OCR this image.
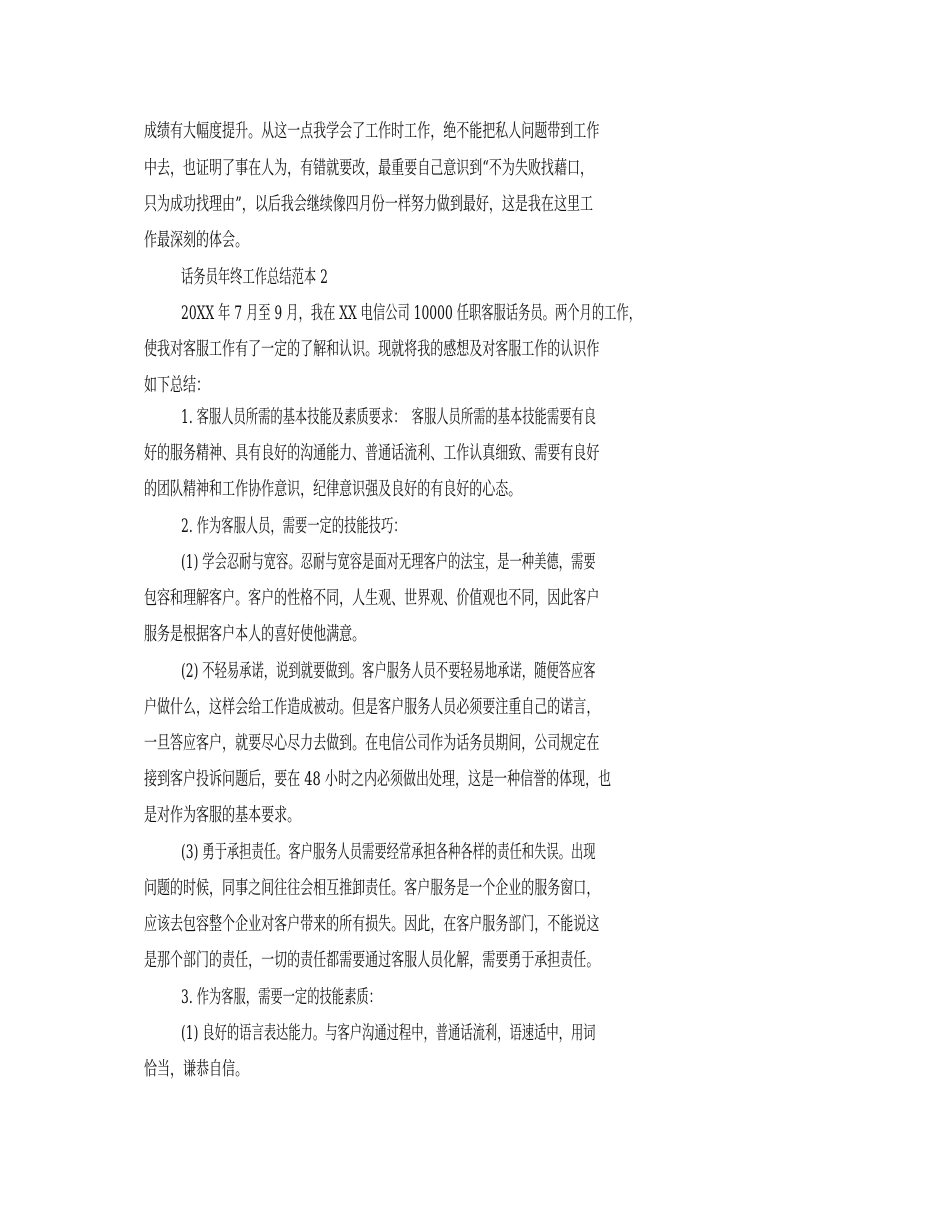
成绩有大幅度提升。从这一点我学会了工作时工作，绝不能把私人问题带到工作
中去，也证明了事在人为，有错就要改，最重要自己意识到“不为失败找藉口，
只为成功找理由”，以后我会继续像四月份一样努力做到最好，这是我在这里工
作最深刻的体会。
话务员年终工作总结范本 2
20XX 年 7 月至 9 月，我在 XX 电信公司 10000 任职客服话务员。两个月的工作，
使我对客服工作有了一定的了解和认识。现就将我的感想及对客服工作的认识作
如下总结：
1. 客服人员所需的基本技能及素质要求：　客服人员所需的基本技能需要有良
好的服务精神、具有良好的沟通能力、普通话流利、工作认真细致、需要有良好
的团队精神和工作协作意识，纪律意识强及良好的有良好的心态。
2. 作为客服人员，需要一定的技能技巧：
(1) 学会忍耐与宽容。忍耐与宽容是面对无理客户的法宝，是一种美德，需要
包容和理解客户。客户的性格不同，人生观、世界观、价值观也不同，因此客户
服务是根据客户本人的喜好使他满意。
(2) 不轻易承诺，说到就要做到。客户服务人员不要轻易地承诺，随便答应客
户做什么，这样会给工作造成被动。但是客户服务人员必须要注重自己的诺言，
一旦答应客户，就要尽心尽力去做到。在电信公司作为话务员期间，公司规定在
接到客户投诉问题后，要在 48 小时之内必须做出处理，这是一种信誉的体现，也
是对作为客服的基本要求。
(3) 勇于承担责任。客户服务人员需要经常承担各种各样的责任和失误。出现
问题的时候，同事之间往往会相互推卸责任。客户服务是一个企业的服务窗口，
应该去包容整个企业对客户带来的所有损失。因此，在客户服务部门，不能说这
是那个部门的责任，一切的责任都需要通过客服人员化解，需要勇于承担责任。
3. 作为客服，需要一定的技能素质：
(1) 良好的语言表达能力。与客户沟通过程中，普通话流利，语速适中，用词
恰当，谦恭自信。
